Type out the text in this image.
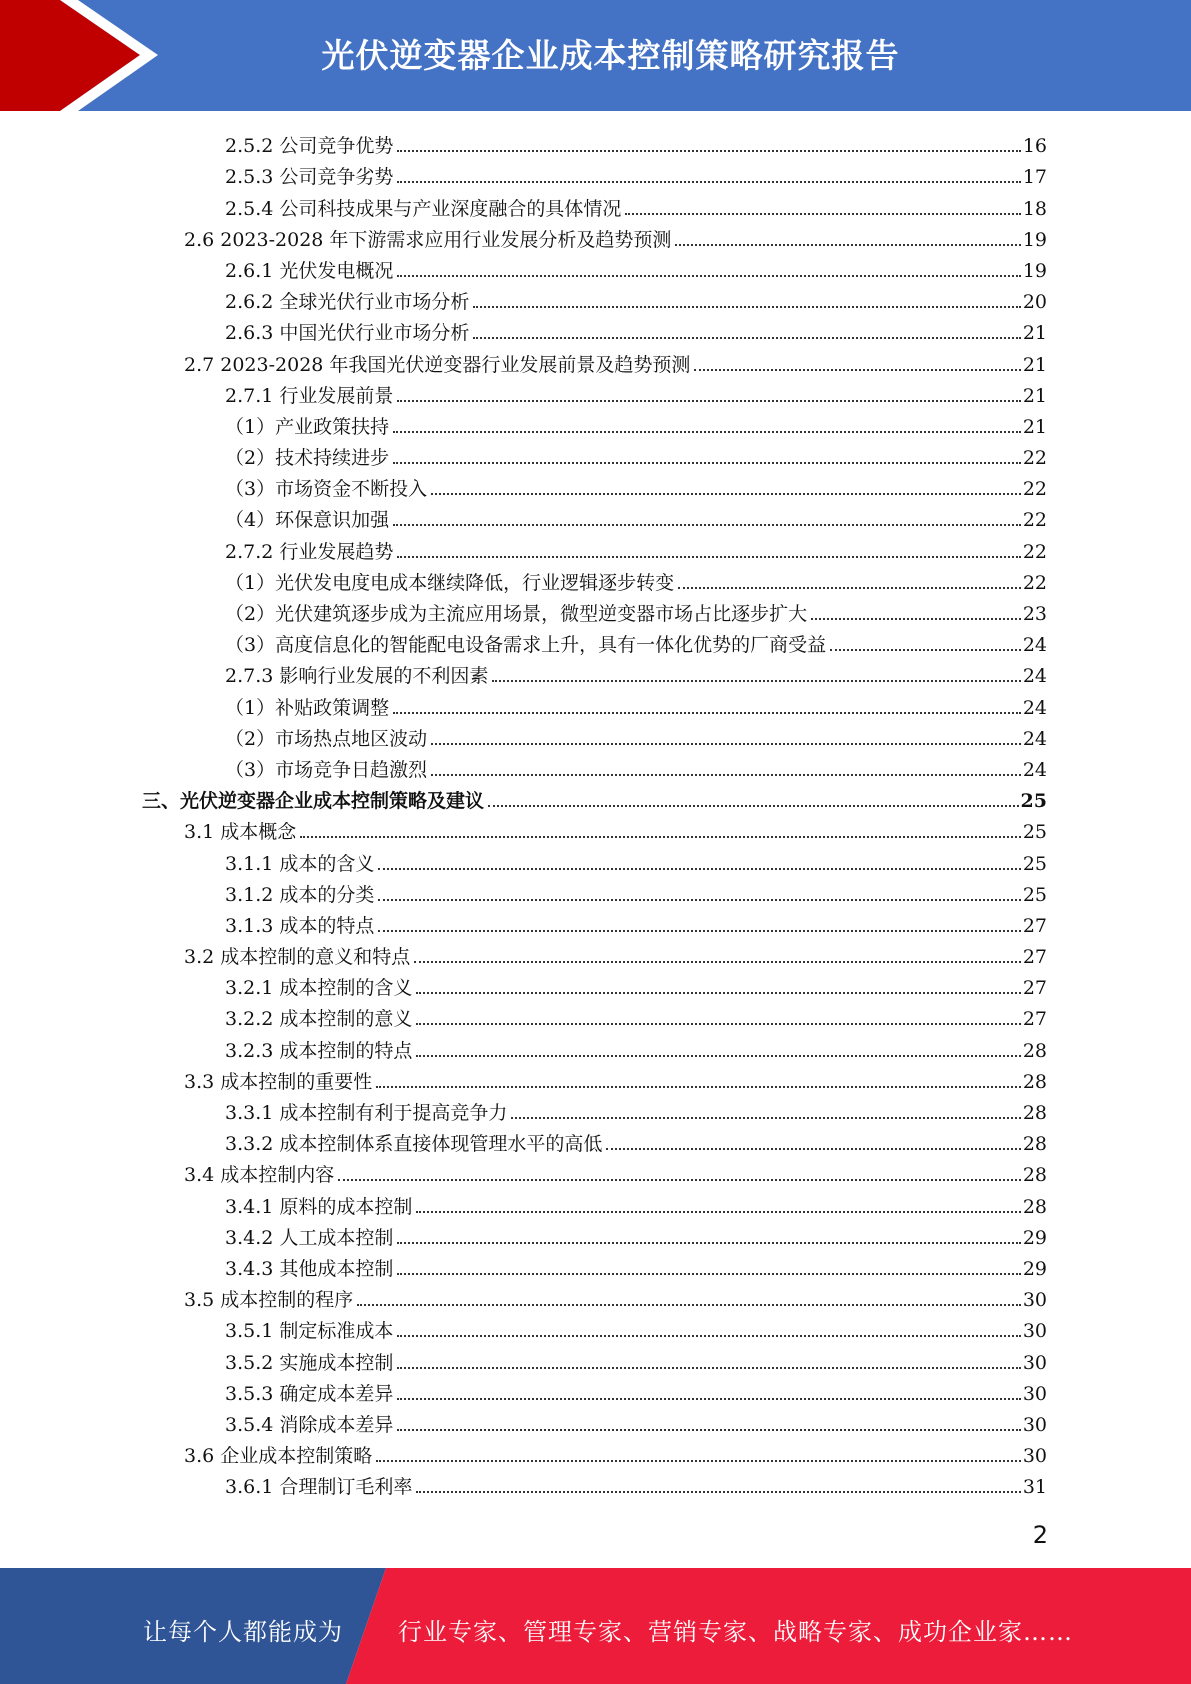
光伏逆变器企业成本控制策略研究报告
2.5.2 公司竞争优势	16
2.5.3 公司竞争劣势	17
2.5.4 公司科技成果与产业深度融合的具体情况	18
2.6 2023-2028 年下游需求应用行业发展分析及趋势预测	19
2.6.1 光伏发电概况	19
2.6.2 全球光伏行业市场分析	20
2.6.3 中国光伏行业市场分析	21
2.7 2023-2028 年我国光伏逆变器行业发展前景及趋势预测	21
2.7.1 行业发展前景	21
（1）产业政策扶持	21
（2）技术持续进步	22
（3）市场资金不断投入	22
（4）环保意识加强	22
2.7.2 行业发展趋势	22
（1）光伏发电度电成本继续降低，行业逻辑逐步转变	22
（2）光伏建筑逐步成为主流应用场景，微型逆变器市场占比逐步扩大	23
（3）高度信息化的智能配电设备需求上升，具有一体化优势的厂商受益	24
2.7.3 影响行业发展的不利因素	24
（1）补贴政策调整	24
（2）市场热点地区波动	24
（3）市场竞争日趋激烈	24
三、光伏逆变器企业成本控制策略及建议	25
3.1 成本概念	25
3.1.1 成本的含义	25
3.1.2 成本的分类	25
3.1.3 成本的特点	27
3.2 成本控制的意义和特点	27
3.2.1 成本控制的含义	27
3.2.2 成本控制的意义	27
3.2.3 成本控制的特点	28
3.3 成本控制的重要性	28
3.3.1 成本控制有利于提高竞争力	28
3.3.2 成本控制体系直接体现管理水平的高低	28
3.4 成本控制内容	28
3.4.1 原料的成本控制	28
3.4.2 人工成本控制	29
3.4.3 其他成本控制	29
3.5 成本控制的程序	30
3.5.1 制定标准成本	30
3.5.2 实施成本控制	30
3.5.3 确定成本差异	30
3.5.4 消除成本差异	30
3.6 企业成本控制策略	30
3.6.1 合理制订毛利率	31
2
让每个人都能成为 行业专家、管理专家、营销专家、战略专家、成功企业家……
